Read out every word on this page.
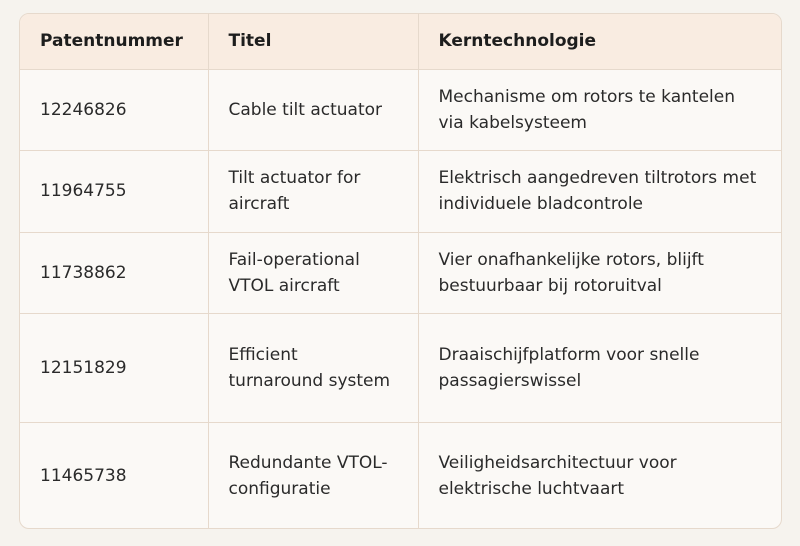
Patentnummer	Titel	Kerntechnologie
12246826	Cable tilt actuator	Mechanisme om rotors te kantelen via kabelsysteem
11964755	Tilt actuator for aircraft	Elektrisch aangedreven tiltrotors met individuele bladcontrole
11738862	Fail-operational VTOL aircraft	Vier onafhankelijke rotors, blijft bestuurbaar bij rotoruitval
12151829	Efficient turnaround system	Draaischijfplatform voor snelle passagierswissel
11465738	Redundante VTOL-configuratie	Veiligheidsarchitectuur voor elektrische luchtvaart
